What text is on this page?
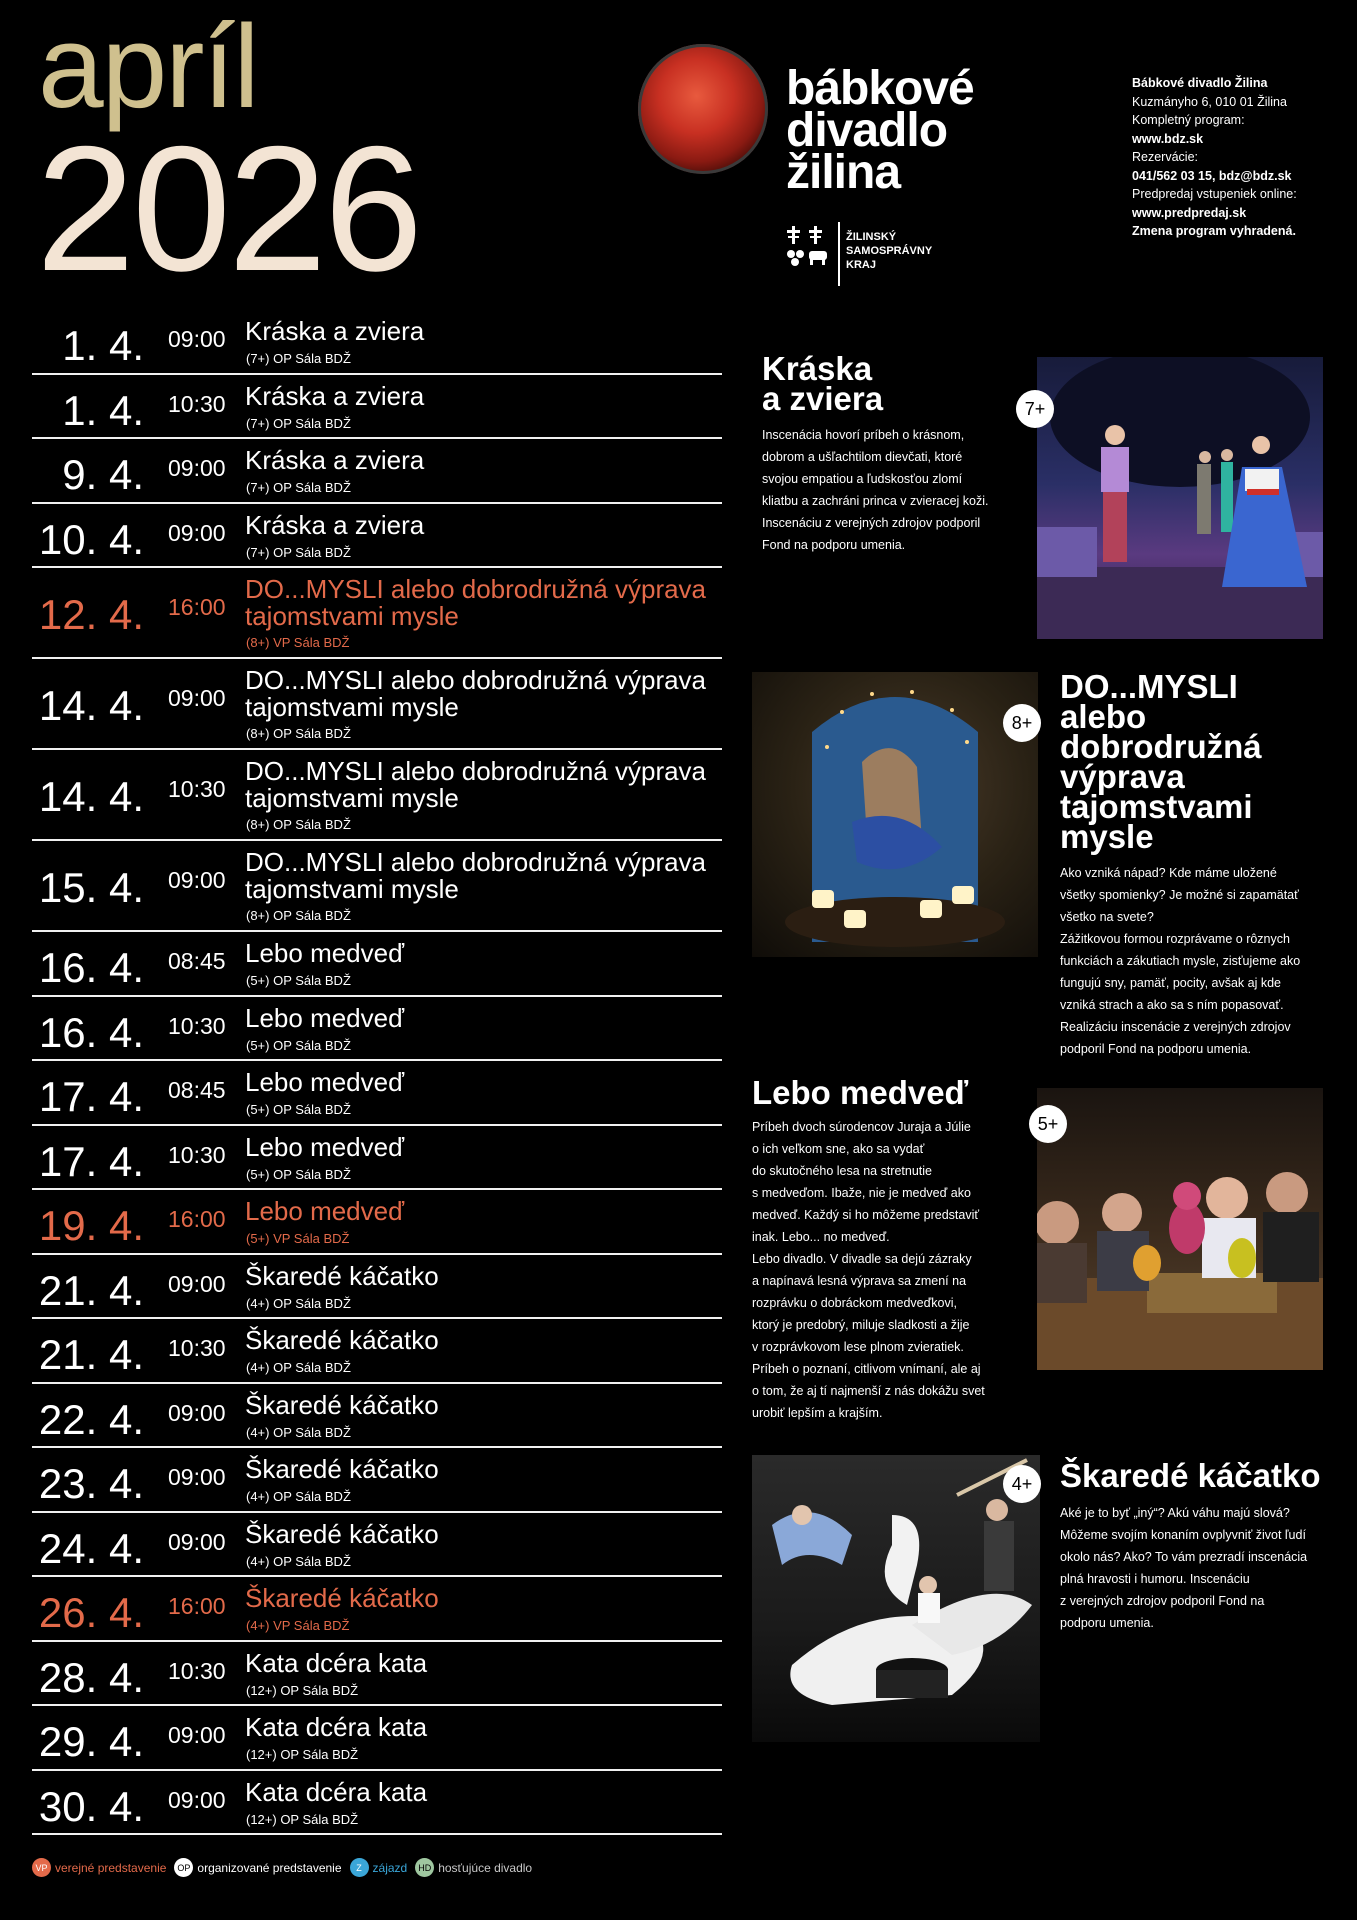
apríl
2026
bábkové
divadlo
žilina
ŽILINSKÝ
SAMOSPRÁVNY
KRAJ
Bábkové divadlo Žilina
Kuzmányho 6, 010 01 Žilina
Kompletný program:
www.bdz.sk
Rezervácie:
041/562 03 15, bdz@bdz.sk
Predpredaj vstupeniek online:
www.predpredaj.sk
Zmena program vyhradená.
1. 4. 09:00 Kráska a zviera
(7+) OP Sála BDŽ
1. 4. 10:30 Kráska a zviera
(7+) OP Sála BDŽ
9. 4. 09:00 Kráska a zviera
(7+) OP Sála BDŽ
10. 4. 09:00 Kráska a zviera
(7+) OP Sála BDŽ
12. 4. 16:00
DO...MYSLI alebo dobrodružná výprava tajomstvami mysle
(8+) VP Sála BDŽ
14. 4. 09:00
DO...MYSLI alebo dobrodružná výprava tajomstvami mysle
(8+) OP Sála BDŽ
14. 4. 10:30
DO...MYSLI alebo dobrodružná výprava tajomstvami mysle
(8+) OP Sála BDŽ
15. 4. 09:00
DO...MYSLI alebo dobrodružná výprava tajomstvami mysle
(8+) OP Sála BDŽ
16. 4. 08:45 Lebo medveď
(5+) OP Sála BDŽ
16. 4. 10:30 Lebo medveď
(5+) OP Sála BDŽ
17. 4. 08:45 Lebo medveď
(5+) OP Sála BDŽ
17. 4. 10:30 Lebo medveď
(5+) OP Sála BDŽ
19. 4. 16:00 Lebo medveď
(5+) VP Sála BDŽ
21. 4. 09:00 Škaredé káčatko
(4+) OP Sála BDŽ
21. 4. 10:30 Škaredé káčatko
(4+) OP Sála BDŽ
22. 4. 09:00 Škaredé káčatko
(4+) OP Sála BDŽ
23. 4. 09:00 Škaredé káčatko
(4+) OP Sála BDŽ
24. 4. 09:00 Škaredé káčatko
(4+) OP Sála BDŽ
26. 4. 16:00 Škaredé káčatko
(4+) VP Sála BDŽ
28. 4. 10:30 Kata dcéra kata
(12+) OP Sála BDŽ
29. 4. 09:00 Kata dcéra kata
(12+) OP Sála BDŽ
30. 4. 09:00 Kata dcéra kata
(12+) OP Sála BDŽ
VP verejné predstavenie	OP organizované predstavenie	Z zájazd	HD hosťujúce divadlo
Kráska
a zviera
Inscenácia hovorí príbeh o krásnom,
dobrom a ušľachtilom dievčati, ktoré
svojou empatiou a ľudskosťou zlomí
kliatbu a zachráni princa v zvieracej koži.
Inscenáciu z verejných zdrojov podporil
Fond na podporu umenia.
7+
8+
DO...MYSLI
alebo
dobrodružná
výprava
tajomstvami
mysle
Ako vzniká nápad? Kde máme uložené
všetky spomienky? Je možné si zapamätať
všetko na svete?
Zážitkovou formou rozprávame o rôznych
funkciách a zákutiach mysle, zisťujeme ako
fungujú sny, pamäť, pocity, avšak aj kde
vzniká strach a ako sa s ním popasovať.
Realizáciu inscenácie z verejných zdrojov
podporil Fond na podporu umenia.
Lebo medveď
Príbeh dvoch súrodencov Juraja a Júlie
o ich veľkom sne, ako sa vydať
do skutočného lesa na stretnutie
s medveďom. Ibaže, nie je medveď ako
medveď. Každý si ho môžeme predstaviť
inak. Lebo... no medveď.
Lebo divadlo. V divadle sa dejú zázraky
a napínavá lesná výprava sa zmení na
rozprávku o dobráckom medveďkovi,
ktorý je predobrý, miluje sladkosti a žije
v rozprávkovom lese plnom zvieratiek.
Príbeh o poznaní, citlivom vnímaní, ale aj
o tom, že aj tí najmenší z nás dokážu svet
urobiť lepším a krajším.
5+
4+ Škaredé káčatko
Aké je to byť „iný“? Akú váhu majú slová?
Môžeme svojím konaním ovplyvniť život ľudí
okolo nás? Ako? To vám prezradí inscenácia
plná hravosti i humoru. Inscenáciu
z verejných zdrojov podporil Fond na
podporu umenia.
